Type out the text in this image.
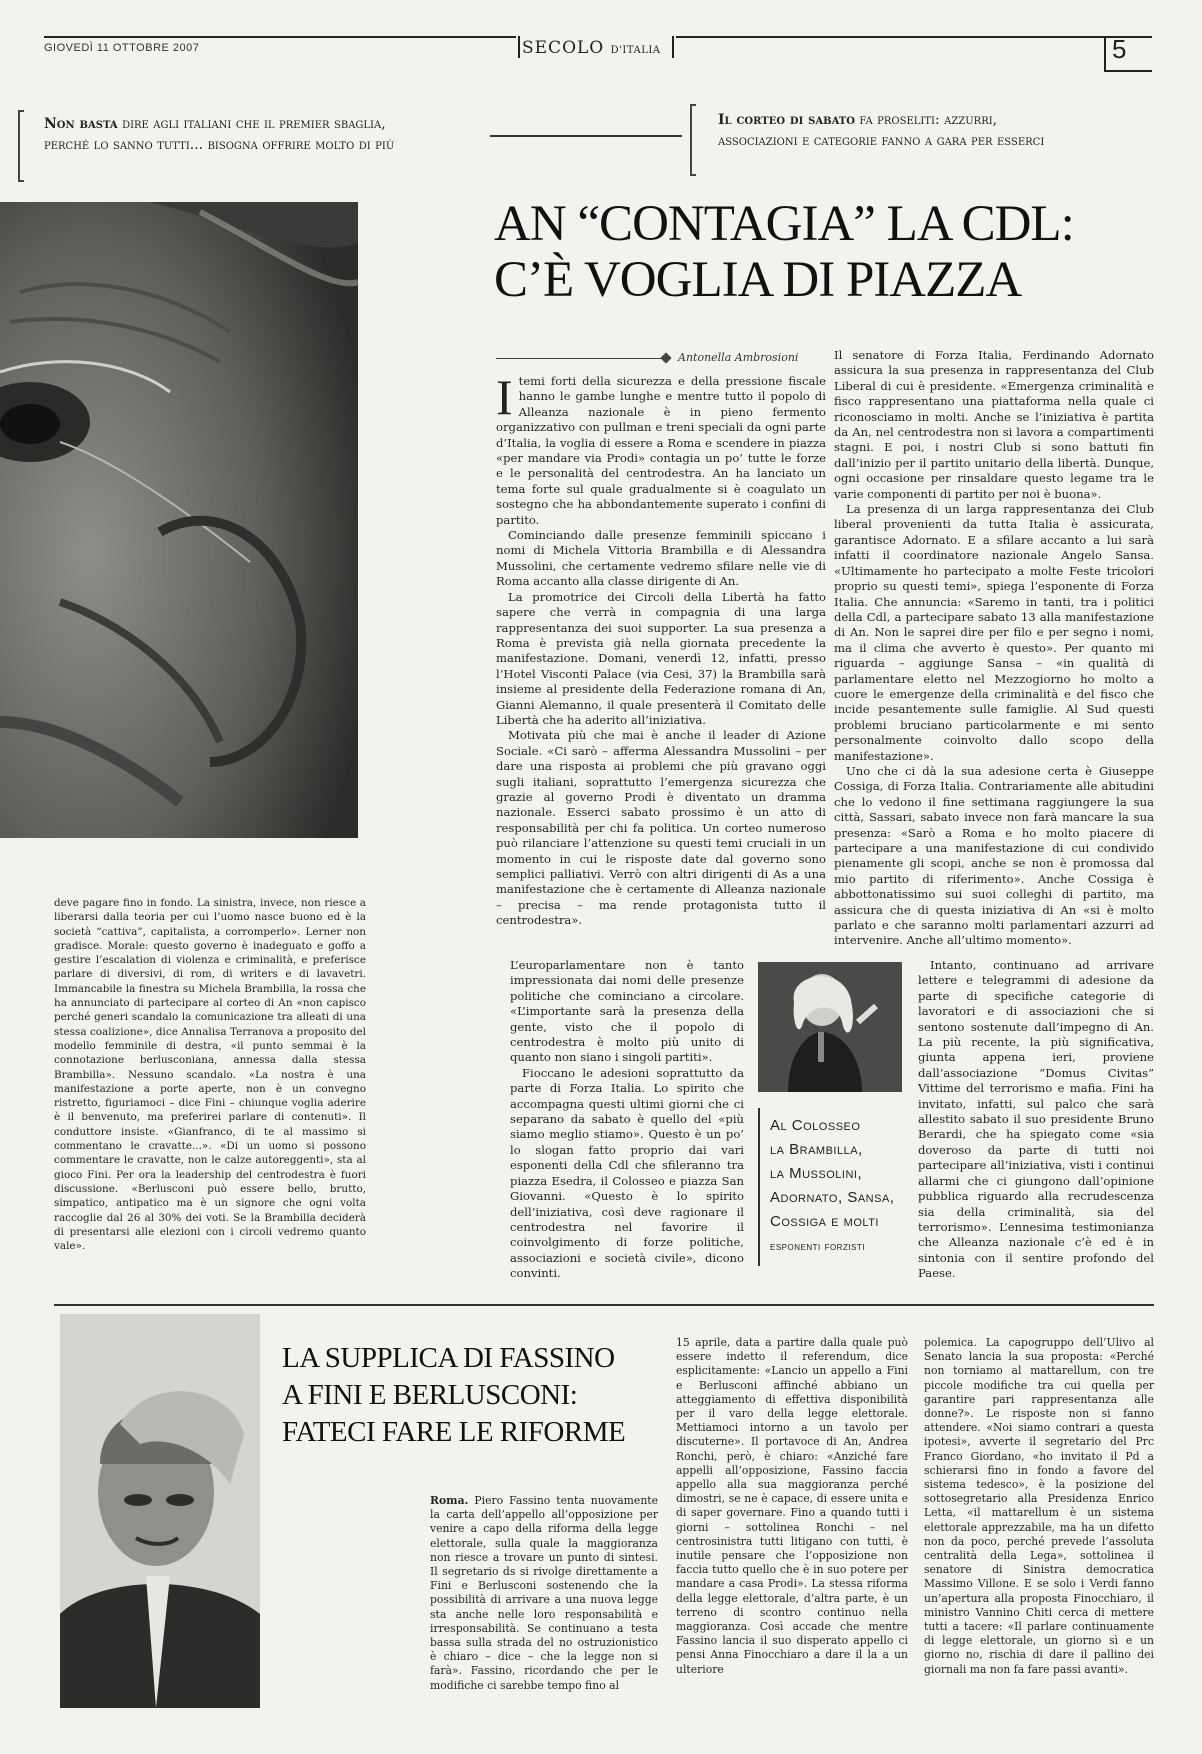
GIOVEDÌ 11 OTTOBRE 2007	SECOLO D'ITALIA	5
Non basta dire agli italiani che il premier sbaglia,
perché lo sanno tutti... bisogna offrire molto di più
Il corteo di sabato fa proseliti: azzurri,
associazioni e categorie fanno a gara per esserci
AN “CONTAGIA” LA CDL:
C’È VOGLIA DI PIAZZA
Antonella Ambrosioni

Itemi forti della sicurezza e della pressione fiscale hanno le gambe lunghe e mentre tutto il popolo di Alleanza nazionale è in pieno fermento organizzativo con pullman e treni speciali da ogni parte d’Italia, la voglia di essere a Roma e scendere in piazza «per mandare via Prodi» contagia un po’ tutte le forze e le personalità del centrodestra. An ha lanciato un tema forte sul quale gradualmente si è coagulato un sostegno che ha abbondantemente superato i confini di partito.

Cominciando dalle presenze femminili spiccano i nomi di Michela Vittoria Brambilla e di Alessandra Mussolini, che certamente vedremo sfilare nelle vie di Roma accanto alla classe dirigente di An.

La promotrice dei Circoli della Libertà ha fatto sapere che verrà in compagnia di una larga rappresentanza dei suoi supporter. La sua presenza a Roma è prevista già nella giornata precedente la manifestazione. Domani, venerdì 12, infatti, presso l’Hotel Visconti Palace (via Cesi, 37) la Brambilla sarà insieme al presidente della Federazione romana di An, Gianni Alemanno, il quale presenterà il Comitato delle Libertà che ha aderito all’iniziativa.

Motivata più che mai è anche il leader di Azione Sociale. «Ci sarò – afferma Alessandra Mussolini – per dare una risposta ai problemi che più gravano oggi sugli italiani, soprattutto l’emergenza sicurezza che grazie al governo Prodi è diventato un dramma nazionale. Esserci sabato prossimo è un atto di responsabilità per chi fa politica. Un corteo numeroso può rilanciare l’attenzione su questi temi cruciali in un momento in cui le risposte date dal governo sono semplici palliativi. Verrò con altri dirigenti di As a una manifestazione che è certamente di Alleanza nazionale – precisa – ma rende protagonista tutto il centrodestra».

L’europarlamentare non è tanto impressionata dai nomi delle presenze politiche che cominciano a circolare. «L’importante sarà la presenza della gente, visto che il popolo di centrodestra è molto più unito di quanto non siano i singoli partiti».

Fioccano le adesioni soprattutto da parte di Forza Italia. Lo spirito che accompagna questi ultimi giorni che ci separano da sabato è quello del «più siamo meglio stiamo». Questo è un po’ lo slogan fatto proprio dai vari esponenti della Cdl che sfileranno tra piazza Esedra, il Colosseo e piazza San Giovanni. «Questo è lo spirito dell’iniziativa, così deve ragionare il centrodestra nel favorire il coinvolgimento di forze politiche, associazioni e società civile», dicono convinti.

Al Colosseo
la Brambilla,
la Mussolini,
Adornato, Sansa,
Cossiga e molti
esponenti forzisti

Il senatore di Forza Italia, Ferdinando Adornato assicura la sua presenza in rappresentanza del Club Liberal di cui è presidente. «Emergenza criminalità e fisco rappresentano una piattaforma nella quale ci riconosciamo in molti. Anche se l’iniziativa è partita da An, nel centrodestra non si lavora a compartimenti stagni. E poi, i nostri Club si sono battuti fin dall’inizio per il partito unitario della libertà. Dunque, ogni occasione per rinsaldare questo legame tra le varie componenti di partito per noi è buona».

La presenza di un larga rappresentanza dei Club liberal provenienti da tutta Italia è assicurata, garantisce Adornato. E a sfilare accanto a lui sarà infatti il coordinatore nazionale Angelo Sansa. «Ultimamente ho partecipato a molte Feste tricolori proprio su questi temi», spiega l’esponente di Forza Italia. Che annuncia: «Saremo in tanti, tra i politici della Cdl, a partecipare sabato 13 alla manifestazione di An. Non le saprei dire per filo e per segno i nomi, ma il clima che avverto è questo». Per quanto mi riguarda – aggiunge Sansa – «in qualità di parlamentare eletto nel Mezzogiorno ho molto a cuore le emergenze della criminalità e del fisco che incide pesantemente sulle famiglie. Al Sud questi problemi bruciano particolarmente e mi sento personalmente coinvolto dallo scopo della manifestazione».

Uno che ci dà la sua adesione certa è Giuseppe Cossiga, di Forza Italia. Contrariamente alle abitudini che lo vedono il fine settimana raggiungere la sua città, Sassari, sabato invece non farà mancare la sua presenza: «Sarò a Roma e ho molto piacere di partecipare a una manifestazione di cui condivido pienamente gli scopi, anche se non è promossa dal mio partito di riferimento». Anche Cossiga è abbottonatissimo sui suoi colleghi di partito, ma assicura che di questa iniziativa di An «si è molto parlato e che saranno molti parlamentari azzurri ad intervenire. Anche all’ultimo momento».

Intanto, continuano ad arrivare lettere e telegrammi di adesione da parte di specifiche categorie di lavoratori e di associazioni che si sentono sostenute dall’impegno di An. La più recente, la più significativa, giunta appena ieri, proviene dall’associazione “Domus Civitas” Vittime del terrorismo e mafia. Fini ha invitato, infatti, sul palco che sarà allestito sabato il suo presidente Bruno Berardi, che ha spiegato come «sia doveroso da parte di tutti noi partecipare all’iniziativa, visti i continui allarmi che ci giungono dall’opinione pubblica riguardo alla recrudescenza sia della criminalità, sia del terrorismo». L’ennesima testimonianza che Alleanza nazionale c’è ed è in sintonia con il sentire profondo del Paese.

deve pagare fino in fondo. La sinistra, invece, non riesce a liberarsi dalla teoria per cui l’uomo nasce buono ed è la società “cattiva”, capitalista, a corromperlo». Lerner non gradisce. Morale: questo governo è inadeguato e goffo a gestire l’escalation di violenza e criminalità, e preferisce parlare di diversivi, di rom, di writers e di lavavetri. Immancabile la finestra su Michela Brambilla, la rossa che ha annunciato di partecipare al corteo di An «non capisco perché generi scandalo la comunicazione tra alleati di una stessa coalizione», dice Annalisa Terranova a proposito del modello femminile di destra, «il punto semmai è la connotazione berlusconiana, annessa dalla stessa Brambilla». Nessuno scandalo. «La nostra è una manifestazione a porte aperte, non è un convegno ristretto, figuriamoci – dice Fini – chiunque voglia aderire è il benvenuto, ma preferirei parlare di contenuti». Il conduttore insiste. «Gianfranco, di te al massimo si commentano le cravatte...». «Di un uomo si possono commentare le cravatte, non le calze autoreggenti», sta al gioco Fini. Per ora la leadership del centrodestra è fuori discussione. «Berlusconi può essere bello, brutto, simpatico, antipatico ma è un signore che ogni volta raccoglie dal 26 al 30% dei voti. Se la Brambilla deciderà di presentarsi alle elezioni con i circoli vedremo quanto vale».

LA SUPPLICA DI FASSINO
A FINI E BERLUSCONI:
FATECI FARE LE RIFORME

Roma. Piero Fassino tenta nuovamente la carta dell’appello all’opposizione per venire a capo della riforma della legge elettorale, sulla quale la maggioranza non riesce a trovare un punto di sintesi. Il segretario ds si rivolge direttamente a Fini e Berlusconi sostenendo che la possibilità di arrivare a una nuova legge sta anche nelle loro responsabilità e irresponsabilità. Se continuano a testa bassa sulla strada del no ostruzionistico è chiaro – dice – che la legge non si farà». Fassino, ricordando che per le modifiche ci sarebbe tempo fino al

15 aprile, data a partire dalla quale può essere indetto il referendum, dice esplicitamente: «Lancio un appello a Fini e Berlusconi affinché abbiano un atteggiamento di effettiva disponibilità per il varo della legge elettorale. Mettiamoci intorno a un tavolo per discuterne». Il portavoce di An, Andrea Ronchi, però, è chiaro: «Anziché fare appelli all’opposizione, Fassino faccia appello alla sua maggioranza perché dimostri, se ne è capace, di essere unita e di saper governare. Fino a quando tutti i giorni – sottolinea Ronchi – nel centrosinistra tutti litigano con tutti, è inutile pensare che l’opposizione non faccia tutto quello che è in suo potere per mandare a casa Prodi». La stessa riforma della legge elettorale, d’altra parte, è un terreno di scontro continuo nella maggioranza. Così accade che mentre Fassino lancia il suo disperato appello ci pensi Anna Finocchiaro a dare il la a un ulteriore

polemica. La capogruppo dell’Ulivo al Senato lancia la sua proposta: «Perché non torniamo al mattarellum, con tre piccole modifiche tra cui quella per garantire pari rappresentanza alle donne?». Le risposte non si fanno attendere. «Noi siamo contrari a questa ipotesi», avverte il segretario del Prc Franco Giordano, «ho invitato il Pd a schierarsi fino in fondo a favore del sistema tedesco», è la posizione del sottosegretario alla Presidenza Enrico Letta, «il mattarellum è un sistema elettorale apprezzabile, ma ha un difetto non da poco, perché prevede l’assoluta centralità della Lega», sottolinea il senatore di Sinistra democratica Massimo Villone. E se solo i Verdi fanno un’apertura alla proposta Finocchiaro, il ministro Vannino Chiti cerca di mettere tutti a tacere: «Il parlare continuamente di legge elettorale, un giorno sì e un giorno no, rischia di dare il pallino dei giornali ma non fa fare passi avanti».
